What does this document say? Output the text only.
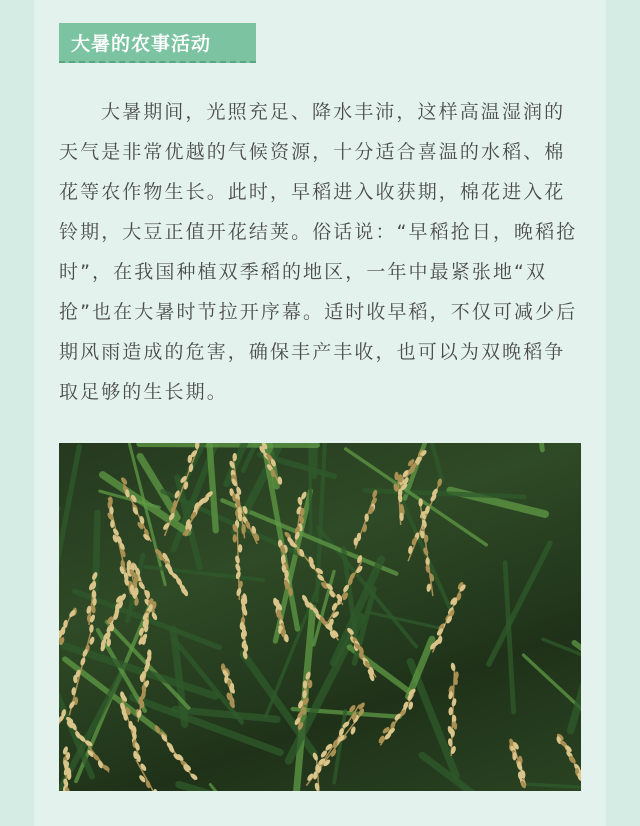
大暑的农事活动

大暑期间，光照充足、降水丰沛，这样高温湿润的天气是非常优越的气候资源，十分适合喜温的水稻、棉花等农作物生长。此时，早稻进入收获期，棉花进入花铃期，大豆正值开花结荚。俗话说：“早稻抢日，晚稻抢时”，在我国种植双季稻的地区，一年中最紧张地“双抢”也在大暑时节拉开序幕。适时收早稻，不仅可减少后期风雨造成的危害，确保丰产丰收，也可以为双晚稻争取足够的生长期。
